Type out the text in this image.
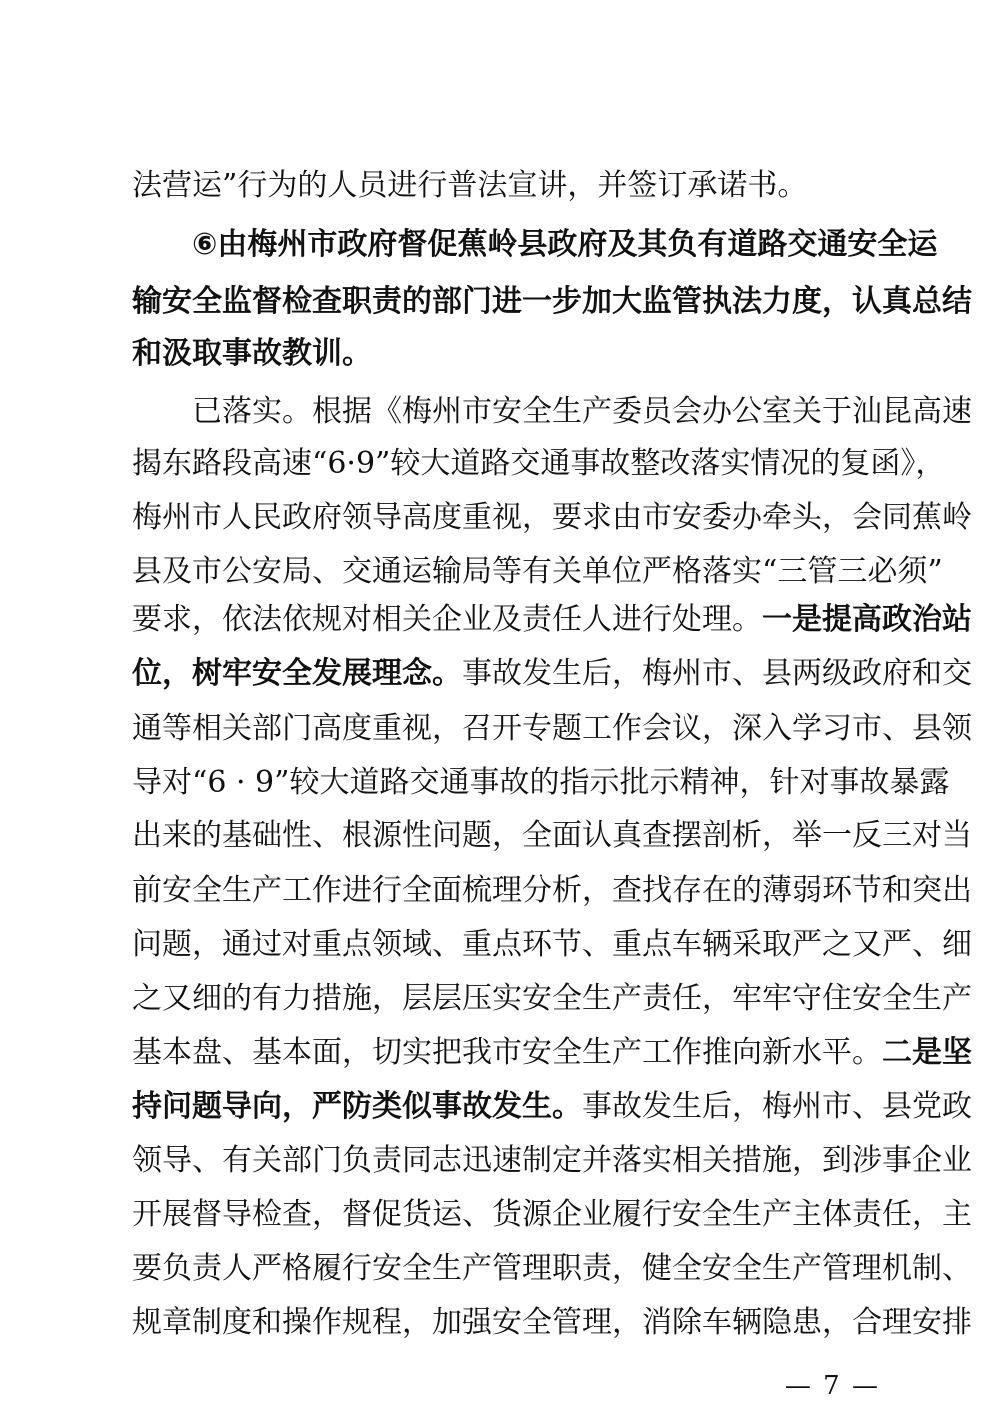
法营运”行为的人员进行普法宣讲，并签订承诺书。
⑥由梅州市政府督促蕉岭县政府及其负有道路交通安全运
输安全监督检查职责的部门进一步加大监管执法力度，认真总结
和汲取事故教训。
已落实。根据《梅州市安全生产委员会办公室关于汕昆高速
揭东路段高速“6·9”较大道路交通事故整改落实情况的复函》，
梅州市人民政府领导高度重视，要求由市安委办牵头，会同蕉岭
县及市公安局、交通运输局等有关单位严格落实“三管三必须”
要求，依法依规对相关企业及责任人进行处理。一是提高政治站
位，树牢安全发展理念。事故发生后，梅州市、县两级政府和交
通等相关部门高度重视，召开专题工作会议，深入学习市、县领
导对“6 · 9”较大道路交通事故的指示批示精神，针对事故暴露
出来的基础性、根源性问题，全面认真查摆剖析，举一反三对当
前安全生产工作进行全面梳理分析，查找存在的薄弱环节和突出
问题，通过对重点领域、重点环节、重点车辆采取严之又严、细
之又细的有力措施，层层压实安全生产责任，牢牢守住安全生产
基本盘、基本面，切实把我市安全生产工作推向新水平。二是坚
持问题导向，严防类似事故发生。事故发生后，梅州市、县党政
领导、有关部门负责同志迅速制定并落实相关措施，到涉事企业
开展督导检查，督促货运、货源企业履行安全生产主体责任，主
要负责人严格履行安全生产管理职责，健全安全生产管理机制、
规章制度和操作规程，加强安全管理，消除车辆隐患，合理安排
— 7 —
